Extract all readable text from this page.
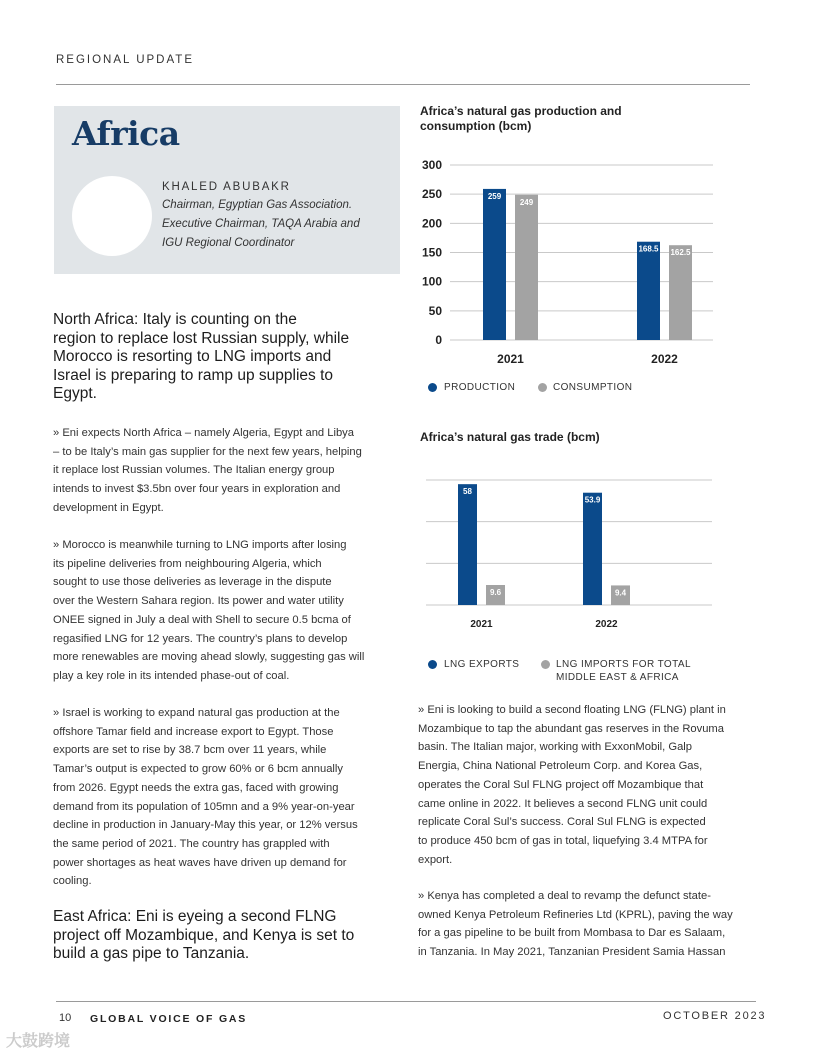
REGIONAL UPDATE
Africa
KHALED ABUBAKR
Chairman, Egyptian Gas Association.
Executive Chairman, TAQA Arabia and
IGU Regional Coordinator
North Africa: Italy is counting on the
region to replace lost Russian supply, while
Morocco is resorting to LNG imports and
Israel is preparing to ramp up supplies to
Egypt.
» Eni expects North Africa – namely Algeria, Egypt and Libya
– to be Italy’s main gas supplier for the next few years, helping
it replace lost Russian volumes. The Italian energy group
intends to invest $3.5bn over four years in exploration and
development in Egypt.
» Morocco is meanwhile turning to LNG imports after losing
its pipeline deliveries from neighbouring Algeria, which
sought to use those deliveries as leverage in the dispute
over the Western Sahara region. Its power and water utility
ONEE signed in July a deal with Shell to secure 0.5 bcma of
regasified LNG for 12 years. The country’s plans to develop
more renewables are moving ahead slowly, suggesting gas will
play a key role in its intended phase-out of coal.
» Israel is working to expand natural gas production at the
offshore Tamar field and increase export to Egypt. Those
exports are set to rise by 38.7 bcm over 11 years, while
Tamar’s output is expected to grow 60% or 6 bcm annually
from 2026. Egypt needs the extra gas, faced with growing
demand from its population of 105mn and a 9% year-on-year
decline in production in January-May this year, or 12% versus
the same period of 2021. The country has grappled with
power shortages as heat waves have driven up demand for
cooling.
East Africa: Eni is eyeing a second FLNG
project off Mozambique, and Kenya is set to
build a gas pipe to Tanzania.
Africa’s natural gas production and
consumption (bcm)
0
50
100
150
200
250
300
259
249
2021
168.5 162.5
2022
PRODUCTION	CONSUMPTION
Africa’s natural gas trade (bcm)
58
9.6
2021
53.9
9.4
2022
LNG EXPORTS	LNG IMPORTS FOR TOTAL
MIDDLE EAST & AFRICA
» Eni is looking to build a second floating LNG (FLNG) plant in
Mozambique to tap the abundant gas reserves in the Rovuma
basin. The Italian major, working with ExxonMobil, Galp
Energia, China National Petroleum Corp. and Korea Gas,
operates the Coral Sul FLNG project off Mozambique that
came online in 2022. It believes a second FLNG unit could
replicate Coral Sul’s success. Coral Sul FLNG is expected
to produce 450 bcm of gas in total, liquefying 3.4 MTPA for
export.
» Kenya has completed a deal to revamp the defunct state-
owned Kenya Petroleum Refineries Ltd (KPRL), paving the way
for a gas pipeline to be built from Mombasa to Dar es Salaam,
in Tanzania. In May 2021, Tanzanian President Samia Hassan
10 GLOBAL VOICE OF GAS	OCTOBER 2023
大鼓跨境
